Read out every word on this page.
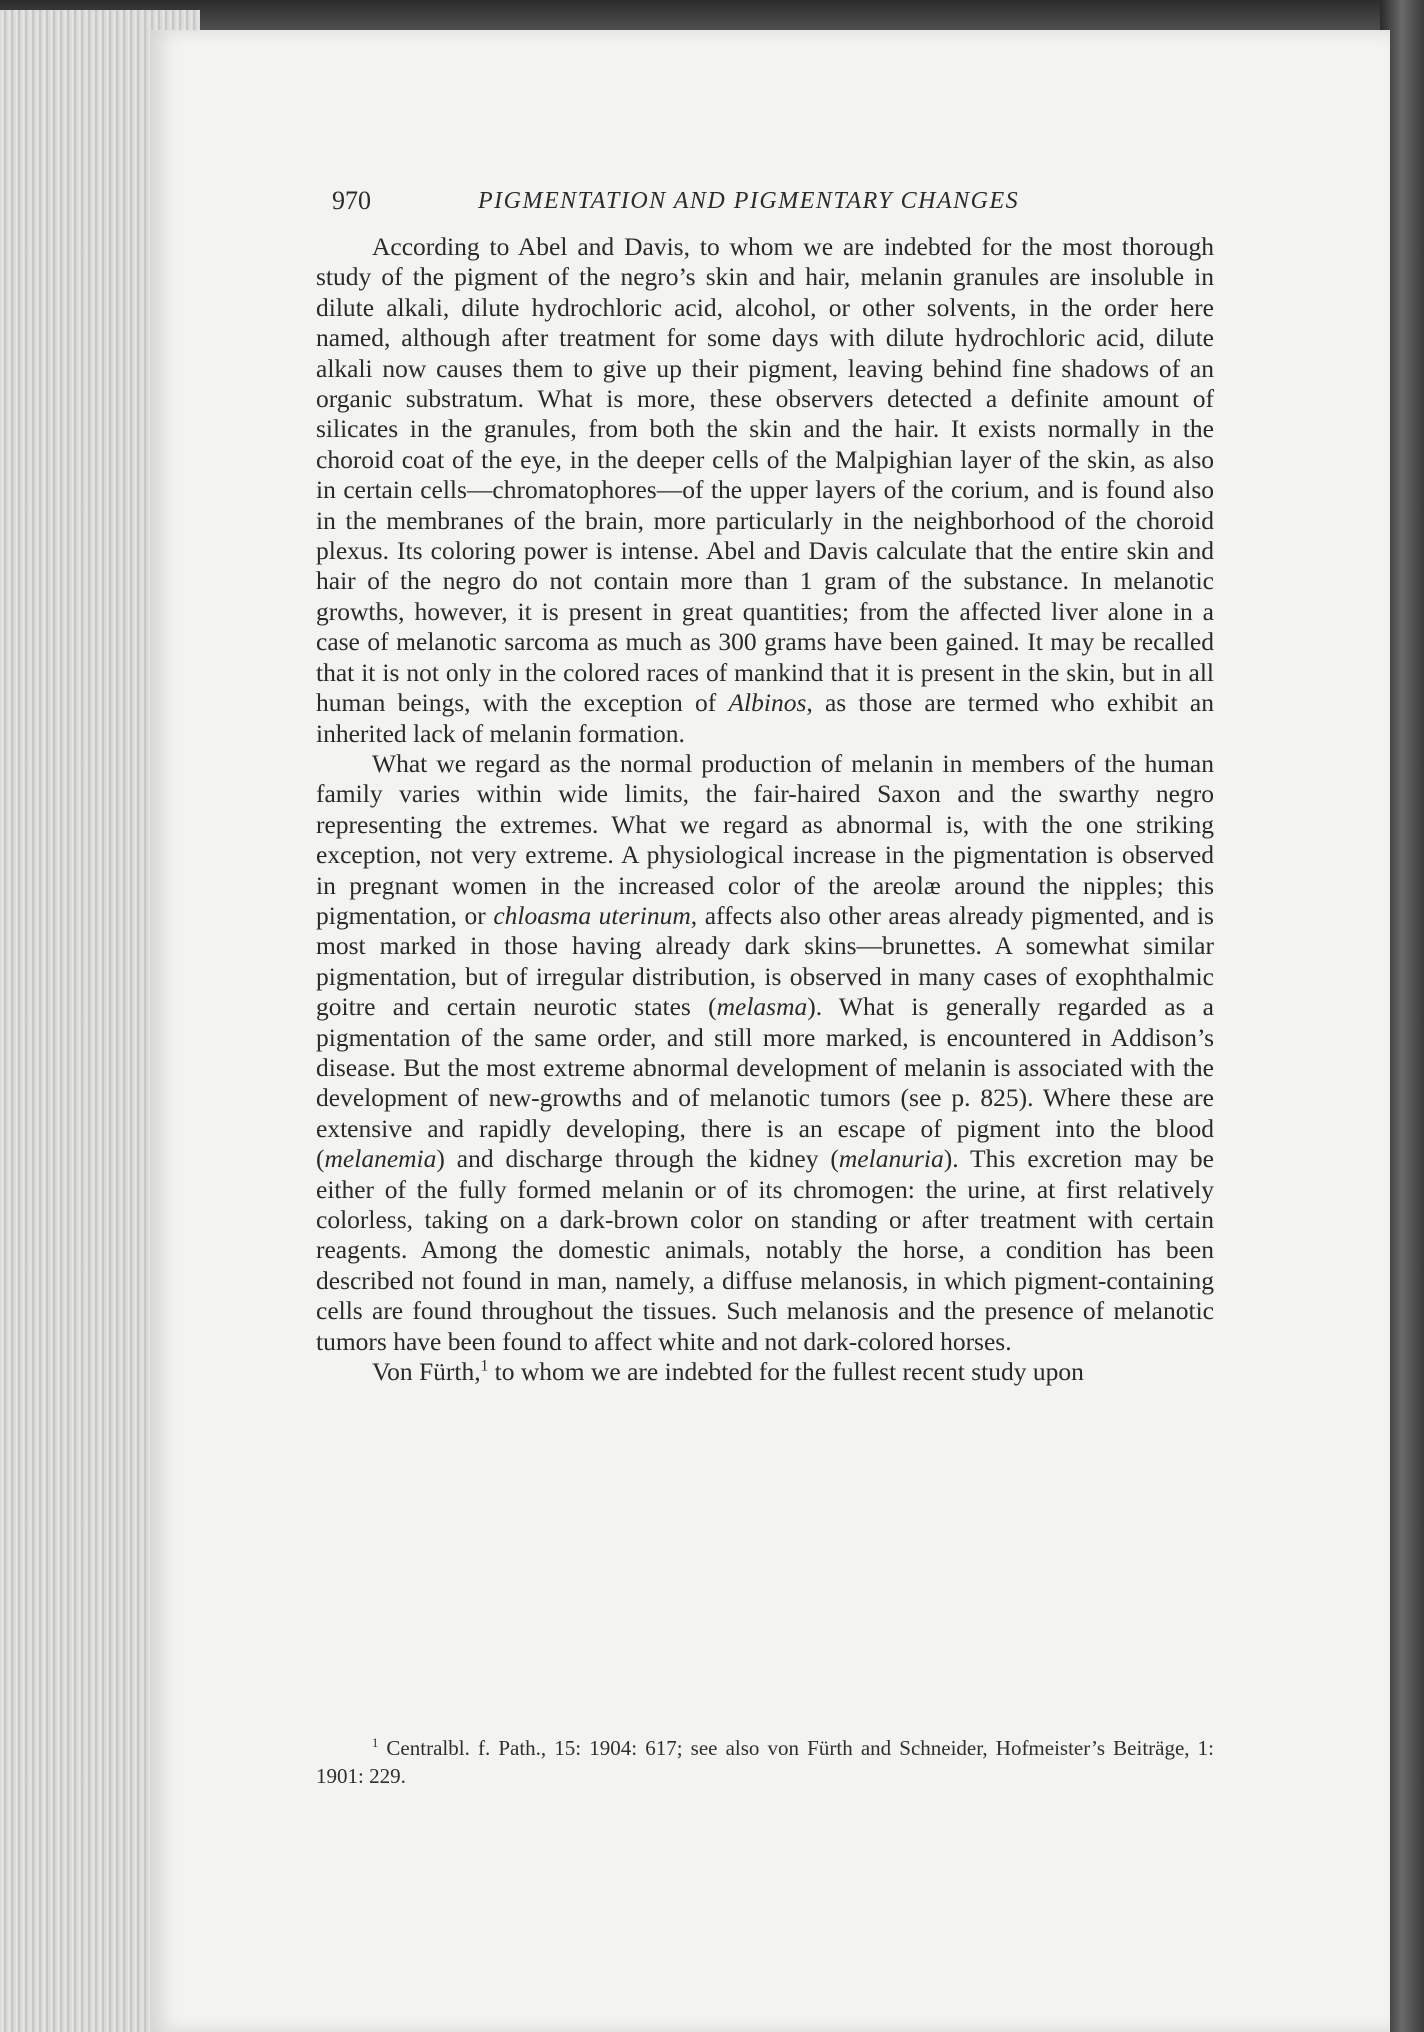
970	PIGMENTATION AND PIGMENTARY CHANGES

According to Abel and Davis, to whom we are indebted for the most thorough study of the pigment of the negro’s skin and hair, melanin granules are insoluble in dilute alkali, dilute hydrochloric acid, alcohol, or other solvents, in the order here named, although after treatment for some days with dilute hydrochloric acid, dilute alkali now causes them to give up their pigment, leaving behind fine shadows of an organic substratum. What is more, these observers detected a definite amount of silicates in the granules, from both the skin and the hair. It exists normally in the choroid coat of the eye, in the deeper cells of the Malpighian layer of the skin, as also in certain cells—chromatophores—of the upper layers of the corium, and is found also in the membranes of the brain, more particularly in the neighborhood of the choroid plexus. Its coloring power is intense. Abel and Davis calculate that the entire skin and hair of the negro do not contain more than 1 gram of the substance. In melanotic growths, however, it is present in great quantities; from the affected liver alone in a case of melanotic sarcoma as much as 300 grams have been gained. It may be recalled that it is not only in the colored races of mankind that it is present in the skin, but in all human beings, with the exception of Albinos, as those are termed who exhibit an inherited lack of melanin formation.

What we regard as the normal production of melanin in members of the human family varies within wide limits, the fair-haired Saxon and the swarthy negro representing the extremes. What we regard as abnormal is, with the one striking exception, not very extreme. A physiological increase in the pigmentation is observed in pregnant women in the increased color of the areolæ around the nipples; this pigmentation, or chloasma uterinum, affects also other areas already pigmented, and is most marked in those having already dark skins—brunettes. A somewhat similar pigmentation, but of irregular distribution, is observed in many cases of exophthalmic goitre and certain neurotic states (melasma). What is generally regarded as a pigmentation of the same order, and still more marked, is encountered in Addison’s disease. But the most extreme abnormal development of melanin is associated with the development of new-growths and of melanotic tumors (see p. 825). Where these are extensive and rapidly developing, there is an escape of pigment into the blood (melanemia) and discharge through the kidney (melanuria). This excretion may be either of the fully formed melanin or of its chromogen: the urine, at first relatively colorless, taking on a dark-brown color on standing or after treatment with certain reagents. Among the domestic animals, notably the horse, a condition has been described not found in man, namely, a diffuse melanosis, in which pigment-containing cells are found throughout the tissues. Such melanosis and the presence of melanotic tumors have been found to affect white and not dark-colored horses.

Von Fürth,$^1$ to whom we are indebted for the fullest recent study upon

$^1$ Centralbl. f. Path., 15: 1904: 617; see also von Fürth and Schneider, Hofmeister’s Beiträge, 1: 1901: 229.
